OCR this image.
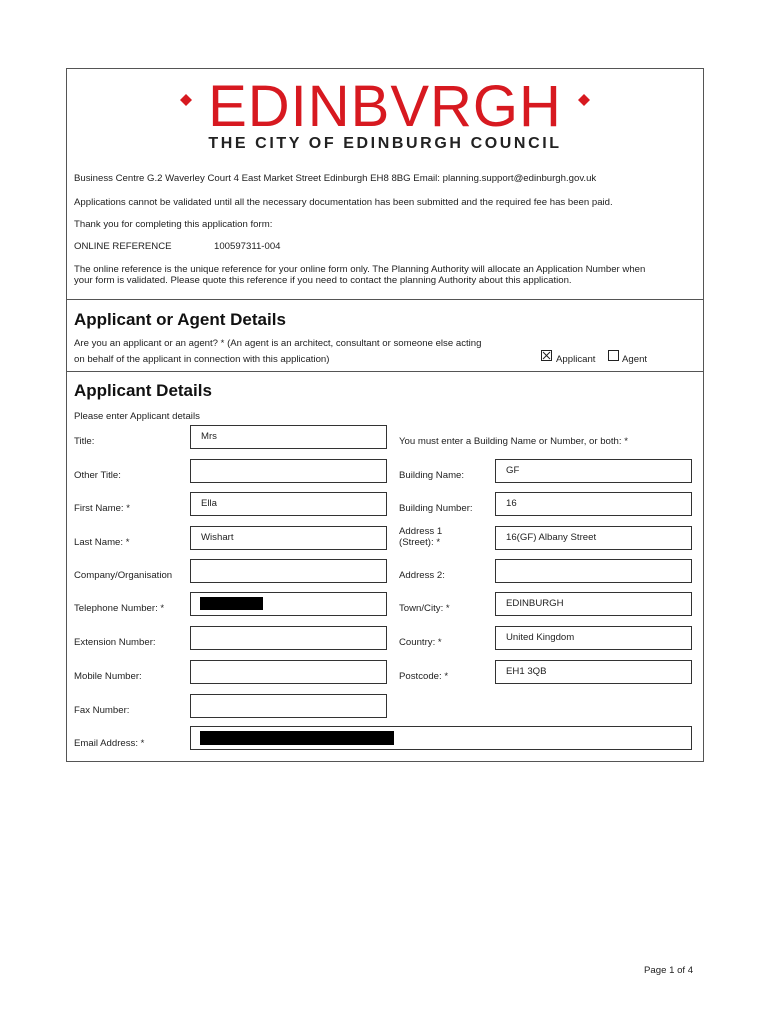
EDINBVRGH
THE CITY OF EDINBURGH COUNCIL
Business Centre G.2 Waverley Court 4 East Market Street Edinburgh EH8 8BG Email: planning.support@edinburgh.gov.uk
Applications cannot be validated until all the necessary documentation has been submitted and the required fee has been paid.
Thank you for completing this application form:
ONLINE REFERENCE	100597311-004
The online reference is the unique reference for your online form only. The Planning Authority will allocate an Application Number when
your form is validated. Please quote this reference if you need to contact the planning Authority about this application.
Applicant or Agent Details
Are you an applicant or an agent? * (An agent is an architect, consultant or someone else acting
on behalf of the applicant in connection with this application)	Applicant	Agent
Applicant Details
Please enter Applicant details
You must enter a Building Name or Number, or both: *
Title:	Mrs
Other Title:
First Name: *	Ella
Last Name: *	Wishart
Company/Organisation
Telephone Number: *
Extension Number:
Mobile Number:
Fax Number:
Email Address: *
Building Name:	GF
Building Number:	16
Address 1
(Street): *	16(GF) Albany Street
Address 2:
Town/City: *	EDINBURGH
Country: *	United Kingdom
Postcode: *	EH1 3QB
Page 1 of 4
